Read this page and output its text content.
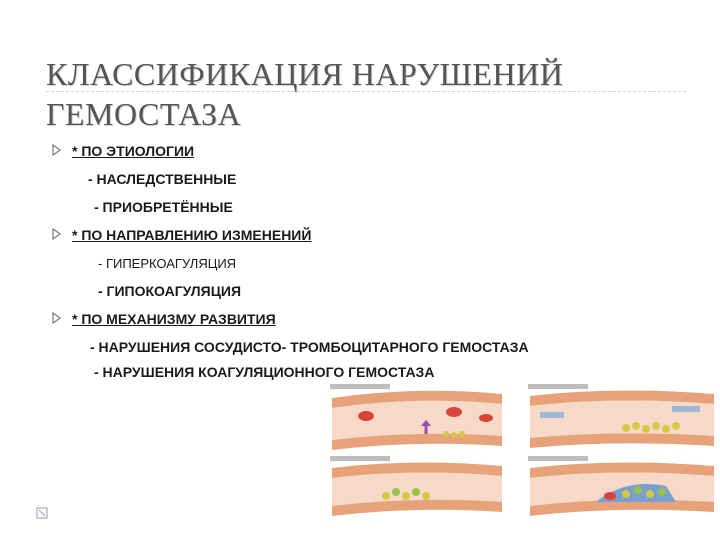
КЛАССИФИКАЦИЯ НАРУШЕНИЙ
ГЕМОСТАЗА
* ПО ЭТИОЛОГИИ
- НАСЛЕДСТВЕННЫЕ
- ПРИОБРЕТЁННЫЕ
* ПО НАПРАВЛЕНИЮ ИЗМЕНЕНИЙ
- ГИПЕРКОАГУЛЯЦИЯ
- ГИПОКОАГУЛЯЦИЯ
* ПО МЕХАНИЗМУ РАЗВИТИЯ
- НАРУШЕНИЯ СОСУДИСТО- ТРОМБОЦИТАРНОГО ГЕМОСТАЗА
- НАРУШЕНИЯ КОАГУЛЯЦИОННОГО ГЕМОСТАЗА
